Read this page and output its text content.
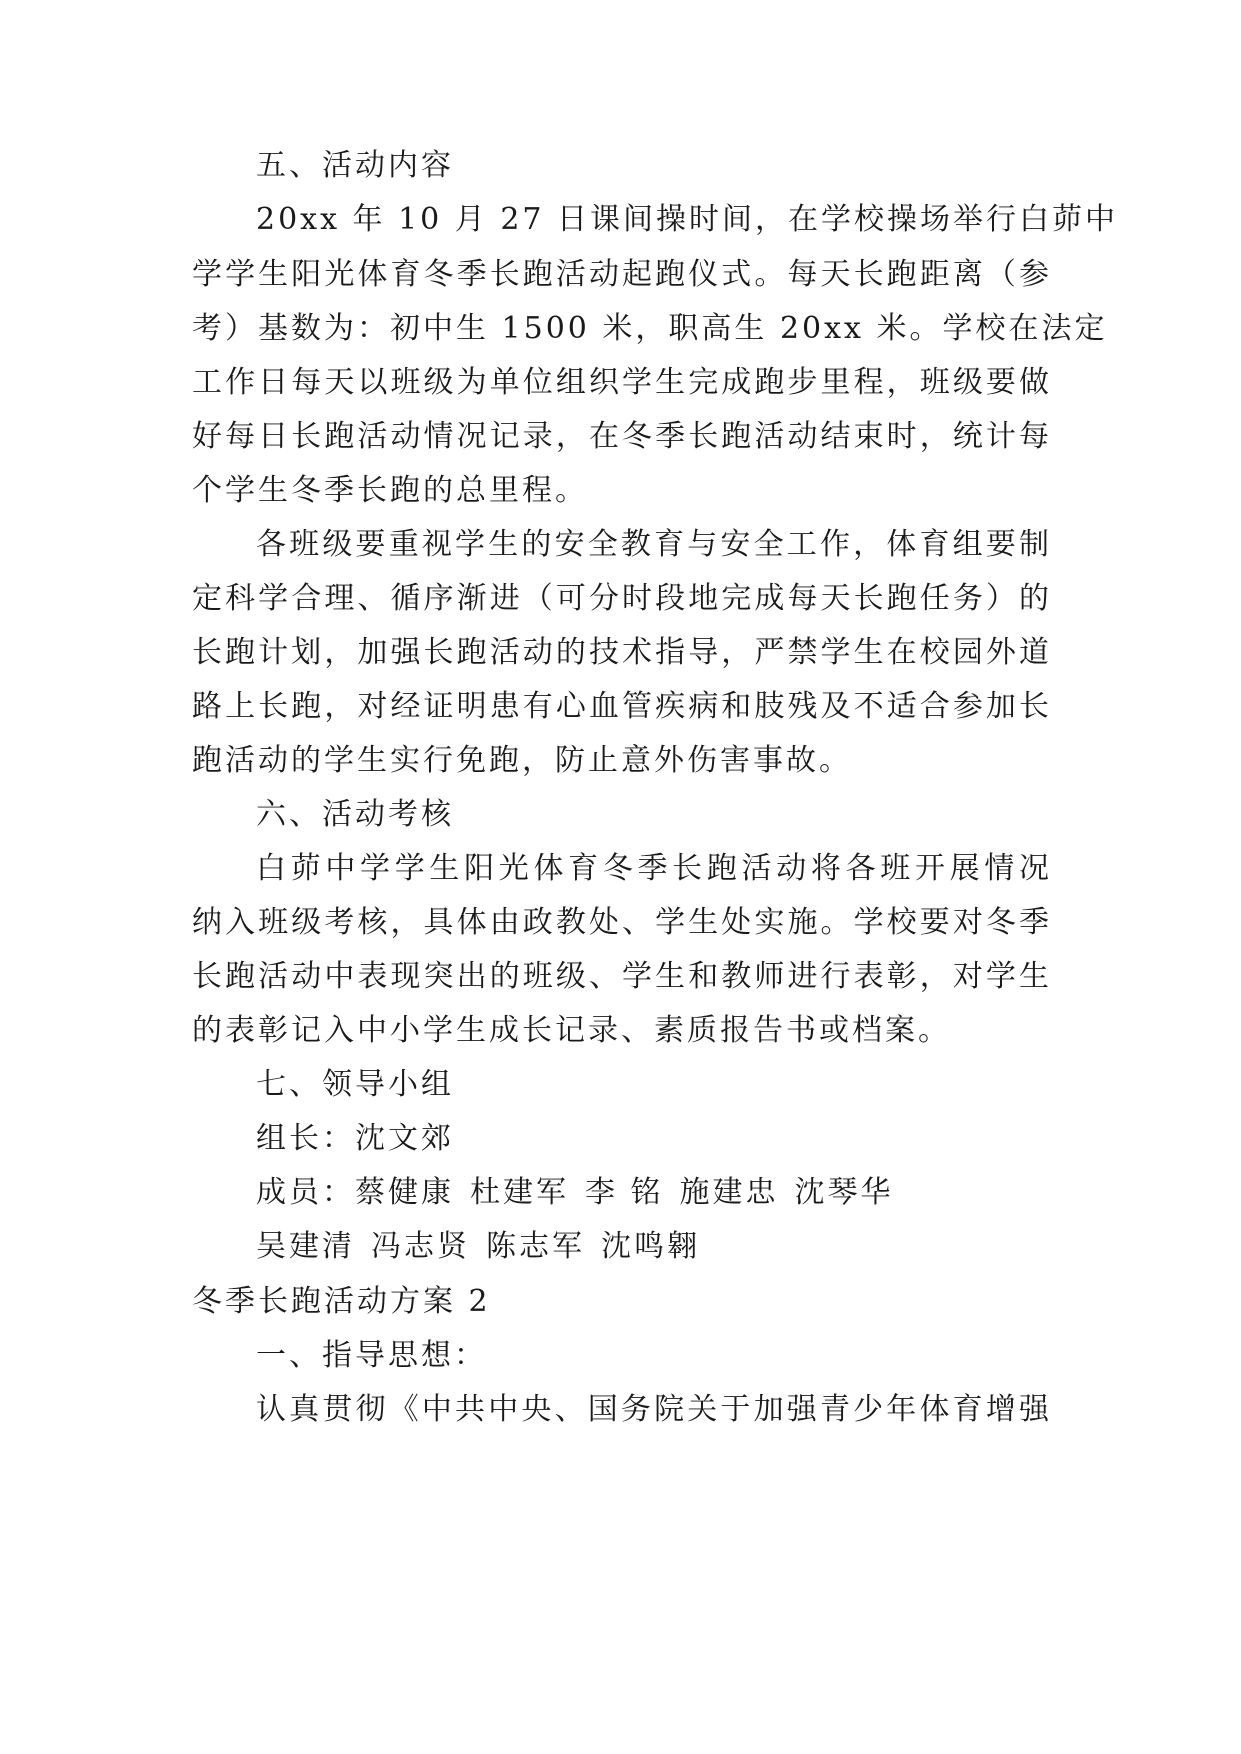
五、活动内容
20xx 年 10 月 27 日课间操时间，在学校操场举行白茆中
学学生阳光体育冬季长跑活动起跑仪式。每天长跑距离（参
考）基数为：初中生 1500 米，职高生 20xx 米。学校在法定
工作日每天以班级为单位组织学生完成跑步里程，班级要做
好每日长跑活动情况记录，在冬季长跑活动结束时，统计每
个学生冬季长跑的总里程。
各班级要重视学生的安全教育与安全工作，体育组要制
定科学合理、循序渐进（可分时段地完成每天长跑任务）的
长跑计划，加强长跑活动的技术指导，严禁学生在校园外道
路上长跑，对经证明患有心血管疾病和肢残及不适合参加长
跑活动的学生实行免跑，防止意外伤害事故。
六、活动考核
白茆中学学生阳光体育冬季长跑活动将各班开展情况
纳入班级考核，具体由政教处、学生处实施。学校要对冬季
长跑活动中表现突出的班级、学生和教师进行表彰，对学生
的表彰记入中小学生成长记录、素质报告书或档案。
七、领导小组
组长：沈文郊
成员：蔡健康 杜建军 李 铭 施建忠 沈琴华
吴建清 冯志贤 陈志军 沈鸣翱
冬季长跑活动方案 2
一、指导思想：
认真贯彻《中共中央、国务院关于加强青少年体育增强
